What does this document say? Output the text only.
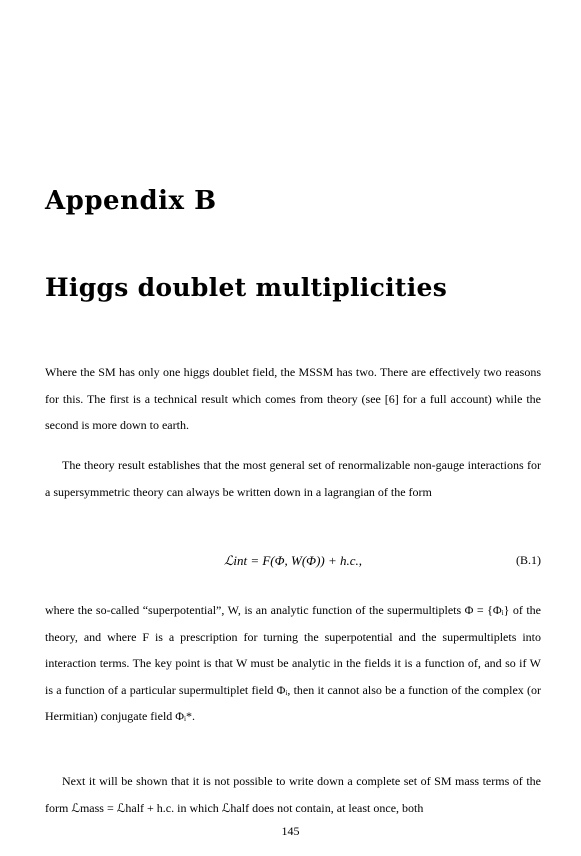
Appendix B
Higgs doublet multiplicities

Where the SM has only one higgs doublet field, the MSSM has two. There are effectively two reasons for this. The first is a technical result which comes from theory (see [6] for a full account) while the second is more down to earth.

The theory result establishes that the most general set of renormalizable non-gauge interactions for a supersymmetric theory can always be written down in a lagrangian of the form

ℒint = F(Φ, W(Φ)) + h.c.,	(B.1)

where the so-called “superpotential”, W, is an analytic function of the supermultiplets Φ = {Φᵢ} of the theory, and where F is a prescription for turning the superpotential and the supermultiplets into interaction terms. The key point is that W must be analytic in the fields it is a function of, and so if W is a function of a particular supermultiplet field Φᵢ, then it cannot also be a function of the complex (or Hermitian) conjugate field Φᵢ*.

Next it will be shown that it is not possible to write down a complete set of SM mass terms of the form ℒmass = ℒhalf + h.c. in which ℒhalf does not contain, at least once, both

145
